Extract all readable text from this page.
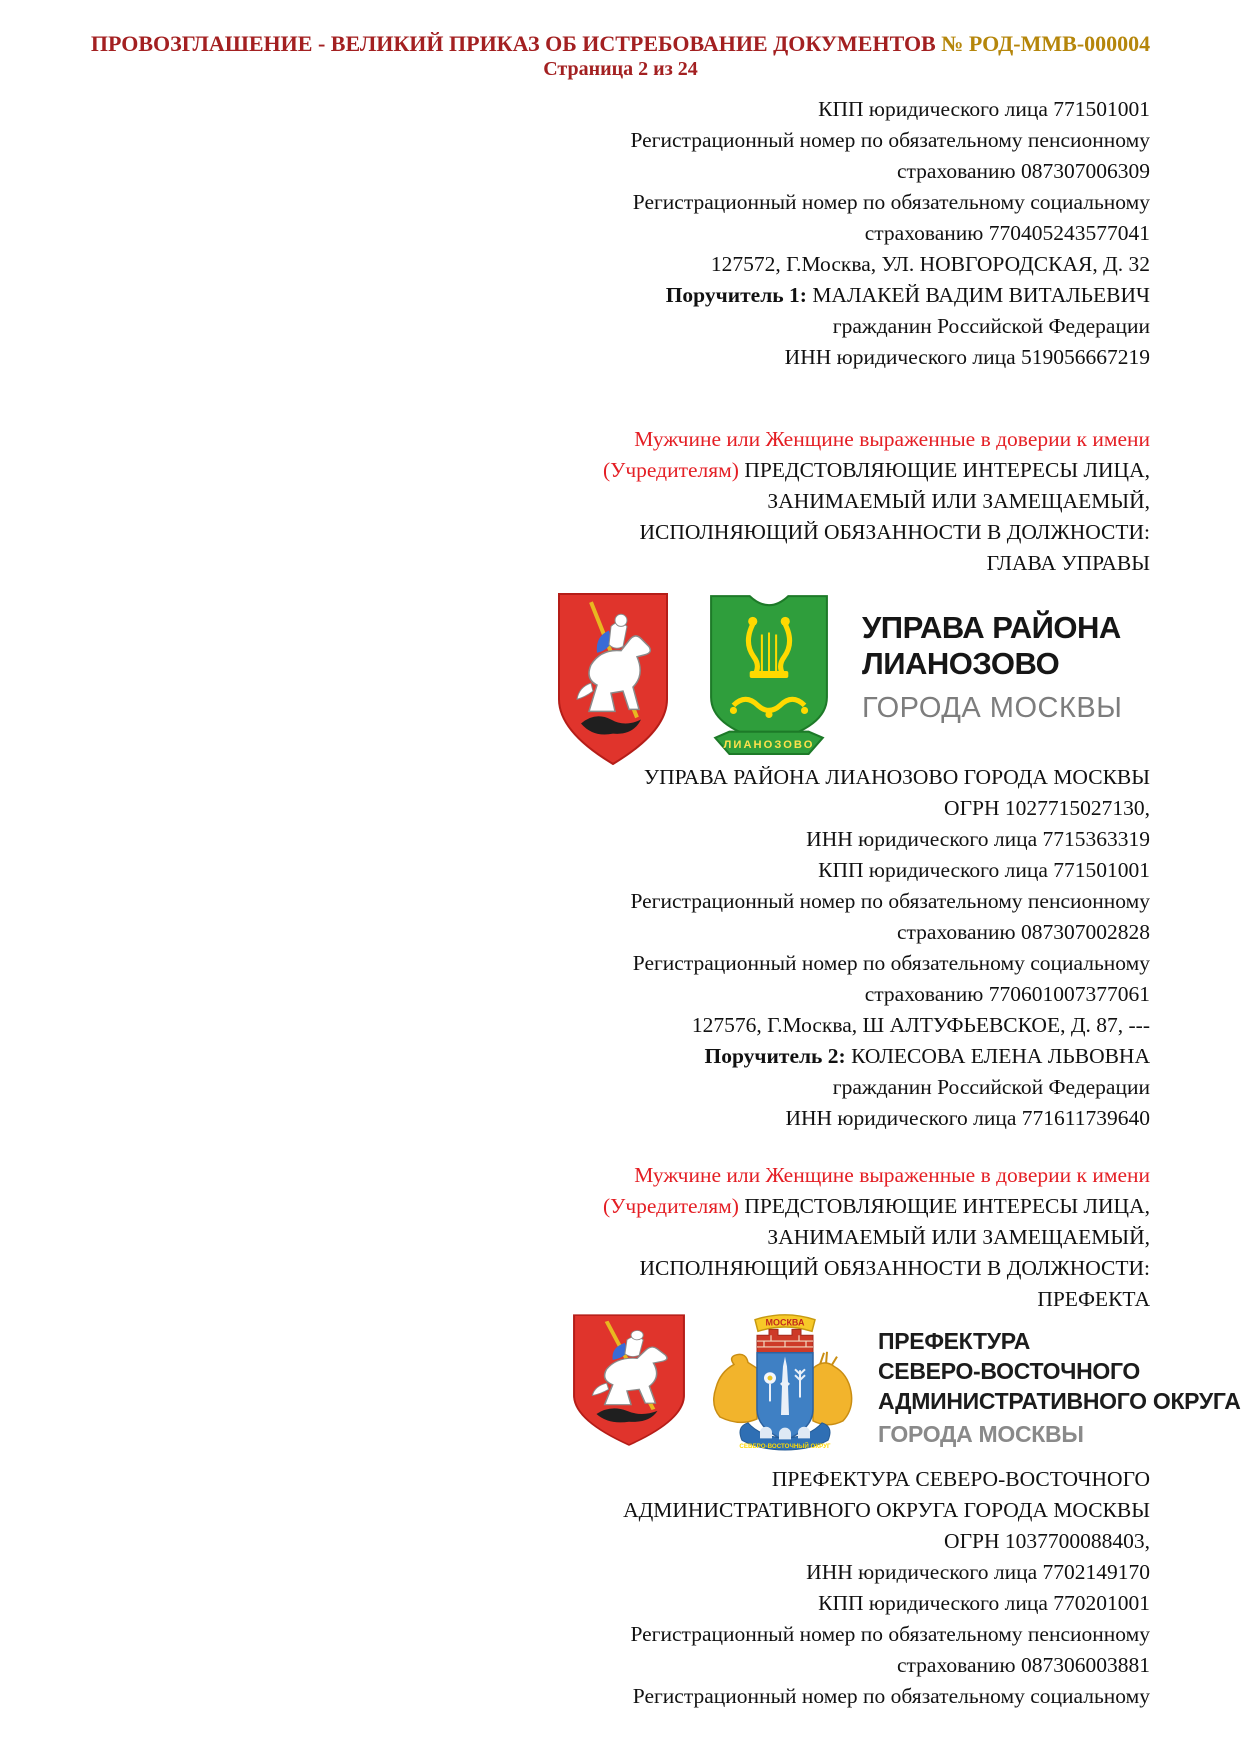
ПРОВОЗГЛАШЕНИЕ - ВЕЛИКИЙ ПРИКАЗ ОБ ИСТРЕБОВАНИЕ ДОКУМЕНТОВ № РОД-ММВ-000004
Страница 2 из 24
КПП юридического лица 771501001
Регистрационный номер по обязательному пенсионному
страхованию 087307006309
Регистрационный номер по обязательному социальному
страхованию 770405243577041
127572, Г.Москва, УЛ. НОВГОРОДСКАЯ, Д. 32
Поручитель 1: МАЛАКЕЙ ВАДИМ ВИТАЛЬЕВИЧ
гражданин Российской Федерации
ИНН юридического лица 519056667219
Мужчине или Женщине выраженные в доверии к имени
(Учредителям) ПРЕДСТОВЛЯЮЩИЕ ИНТЕРЕСЫ ЛИЦА,
ЗАНИМАЕМЫЙ ИЛИ ЗАМЕЩАЕМЫЙ,
ИСПОЛНЯЮЩИЙ ОБЯЗАННОСТИ В ДОЛЖНОСТИ:
ГЛАВА УПРАВЫ
ЛИАНОЗОВО
УПРАВА РАЙОНА
ЛИАНОЗОВО
ГОРОДА МОСКВЫ
УПРАВА РАЙОНА ЛИАНОЗОВО ГОРОДА МОСКВЫ
ОГРН 1027715027130,
ИНН юридического лица 7715363319
КПП юридического лица 771501001
Регистрационный номер по обязательному пенсионному
страхованию 087307002828
Регистрационный номер по обязательному социальному
страхованию 770601007377061
127576, Г.Москва, Ш АЛТУФЬЕВСКОЕ, Д. 87, ---
Поручитель 2: КОЛЕСОВА ЕЛЕНА ЛЬВОВНА
гражданин Российской Федерации
ИНН юридического лица 771611739640
Мужчине или Женщине выраженные в доверии к имени
(Учредителям) ПРЕДСТОВЛЯЮЩИЕ ИНТЕРЕСЫ ЛИЦА,
ЗАНИМАЕМЫЙ ИЛИ ЗАМЕЩАЕМЫЙ,
ИСПОЛНЯЮЩИЙ ОБЯЗАННОСТИ В ДОЛЖНОСТИ:
ПРЕФЕКТА
МОСКВА
СЕВЕРО-ВОСТОЧНЫЙ ОКРУГ
ПРЕФЕКТУРА
СЕВЕРО-ВОСТОЧНОГО
АДМИНИСТРАТИВНОГО ОКРУГА
ГОРОДА МОСКВЫ
ПРЕФЕКТУРА СЕВЕРО-ВОСТОЧНОГО
АДМИНИСТРАТИВНОГО ОКРУГА ГОРОДА МОСКВЫ
ОГРН 1037700088403,
ИНН юридического лица 7702149170
КПП юридического лица 770201001
Регистрационный номер по обязательному пенсионному
страхованию 087306003881
Регистрационный номер по обязательному социальному
